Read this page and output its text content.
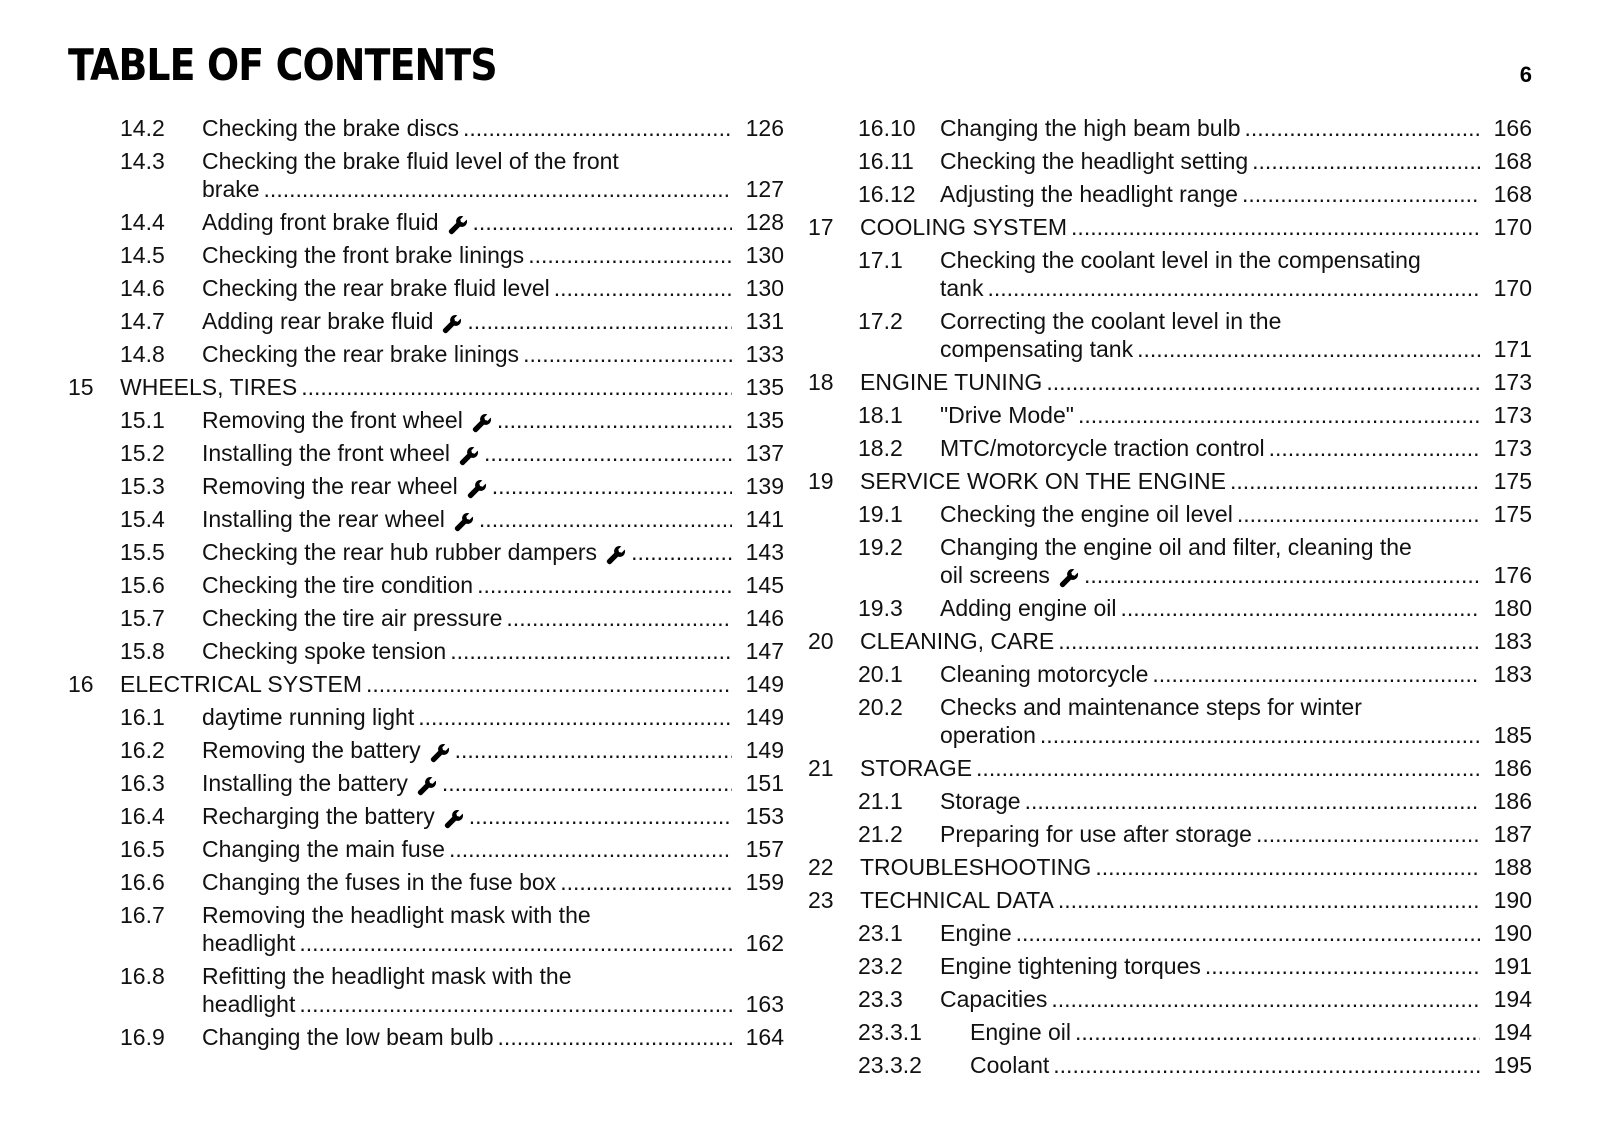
TABLE OF CONTENTS	6
14.2	Checking the brake discs .....	126
14.3	Checking the brake fluid level of the front
brake .....	127
14.4	Adding front brake fluid .....	128
14.5	Checking the front brake linings .....	130
14.6	Checking the rear brake fluid level .....	130
14.7	Adding rear brake fluid .....	131
14.8	Checking the rear brake linings .....	133
15	WHEELS, TIRES .....	135
15.1	Removing the front wheel .....	135
15.2	Installing the front wheel .....	137
15.3	Removing the rear wheel .....	139
15.4	Installing the rear wheel .....	141
15.5	Checking the rear hub rubber dampers .....	143
15.6	Checking the tire condition .....	145
15.7	Checking the tire air pressure .....	146
15.8	Checking spoke tension .....	147
16	ELECTRICAL SYSTEM .....	149
16.1	daytime running light .....	149
16.2	Removing the battery .....	149
16.3	Installing the battery .....	151
16.4	Recharging the battery .....	153
16.5	Changing the main fuse .....	157
16.6	Changing the fuses in the fuse box .....	159
16.7	Removing the headlight mask with the
headlight .....	162
16.8	Refitting the headlight mask with the
headlight .....	163
16.9	Changing the low beam bulb .....	164
16.10	Changing the high beam bulb .....	166
16.11	Checking the headlight setting .....	168
16.12	Adjusting the headlight range .....	168
17	COOLING SYSTEM .....	170
17.1	Checking the coolant level in the compensating
tank .....	170
17.2	Correcting the coolant level in the
compensating tank .....	171
18	ENGINE TUNING .....	173
18.1	"Drive Mode" .....	173
18.2	MTC/motorcycle traction control .....	173
19	SERVICE WORK ON THE ENGINE .....	175
19.1	Checking the engine oil level .....	175
19.2	Changing the engine oil and filter, cleaning the
oil screens .....	176
19.3	Adding engine oil .....	180
20	CLEANING, CARE .....	183
20.1	Cleaning motorcycle .....	183
20.2	Checks and maintenance steps for winter
operation .....	185
21	STORAGE .....	186
21.1	Storage .....	186
21.2	Preparing for use after storage .....	187
22	TROUBLESHOOTING .....	188
23	TECHNICAL DATA .....	190
23.1	Engine .....	190
23.2	Engine tightening torques .....	191
23.3	Capacities .....	194
23.3.1	Engine oil .....	194
23.3.2	Coolant .....	195
